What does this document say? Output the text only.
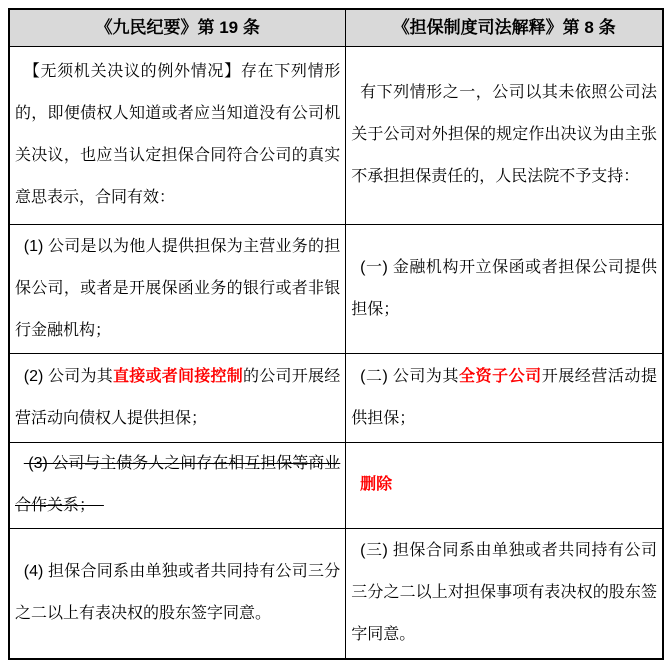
《九民纪要》第 19 条	《担保制度司法解释》第 8 条

【无须机关决议的例外情况】存在下列情形的，即便债权人知道或者应当知道没有公司机关决议，也应当认定担保合同符合公司的真实意思表示，合同有效：	有下列情形之一，公司以其未依照公司法关于公司对外担保的规定作出决议为由主张不承担担保责任的，人民法院不予支持：

(1) 公司是以为他人提供担保为主营业务的担保公司，或者是开展保函业务的银行或者非银行金融机构；	(一) 金融机构开立保函或者担保公司提供担保；

(2) 公司为其直接或者间接控制的公司开展经营活动向债权人提供担保；	(二) 公司为其全资子公司开展经营活动提供担保；

(3) 公司与主债务人之间存在相互担保等商业合作关系；	删除

(4) 担保合同系由单独或者共同持有公司三分之二以上有表决权的股东签字同意。	(三) 担保合同系由单独或者共同持有公司三分之二以上对担保事项有表决权的股东签字同意。
